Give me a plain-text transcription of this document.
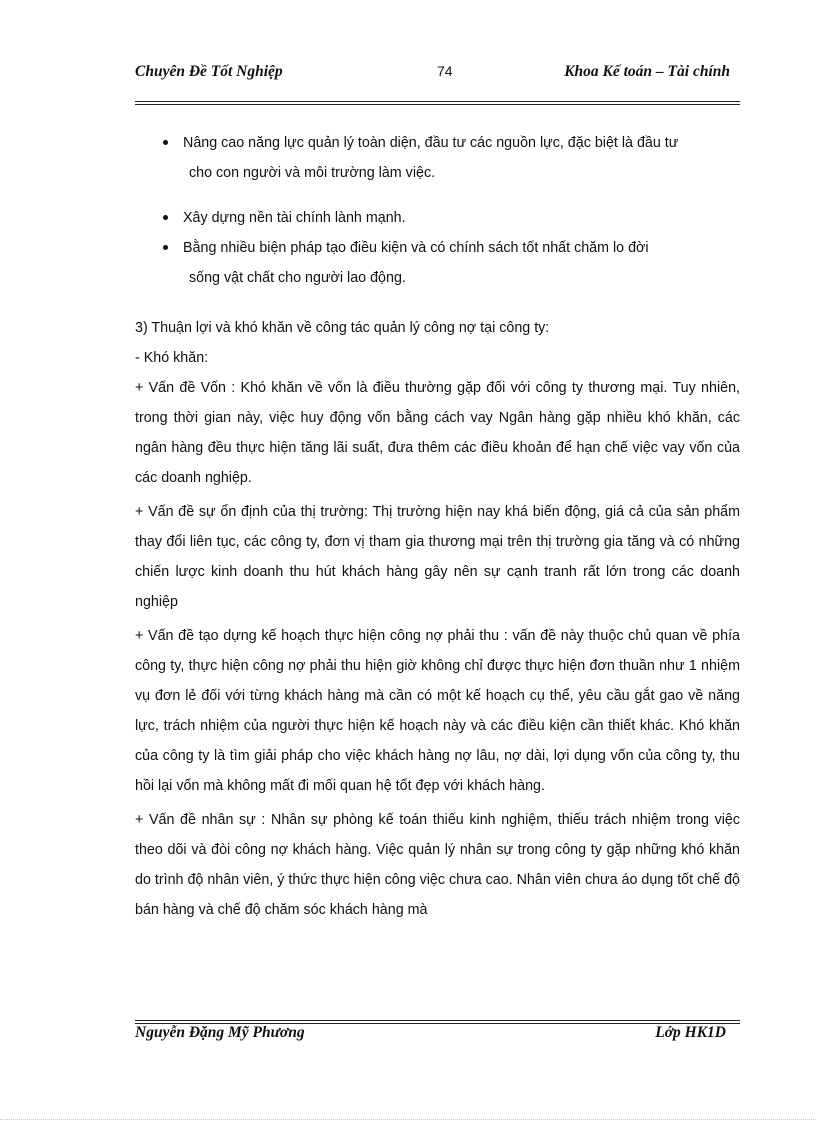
Chuyên Đề Tốt Nghiệp	74	Khoa Kế toán – Tài chính
Nâng cao năng lực quản lý toàn diện, đầu tư các nguồn lực, đặc biệt là đầu tư
cho con người và môi trường làm việc.
Xây dựng nền tài chính lành mạnh.
Bằng nhiều biện pháp tạo điều kiện và có chính sách tốt nhất chăm lo đời
sống vật chất cho người lao động.
3) Thuận lợi và khó khăn về công tác quản lý công nợ tại công ty:
- Khó khăn:

+ Vấn đề Vốn : Khó khăn về vốn là điều thường gặp đối với công ty thương mại. Tuy nhiên, trong thời gian này, việc huy động vốn bằng cách vay Ngân hàng gặp nhiều khó khăn, các ngân hàng đều thực hiện tăng lãi suất, đưa thêm các điều khoản để hạn chế việc vay vốn của các doanh nghiệp.

+ Vấn đề sự ổn định của thị trường: Thị trường hiện nay khá biến động, giá cả của sản phẩm thay đổi liên tục, các công ty, đơn vị tham gia thương mại trên thị trường gia tăng và có những chiến lược kinh doanh thu hút khách hàng gây nên sự cạnh tranh rất lớn trong các doanh nghiệp

+ Vấn đề tạo dựng kế hoạch thực hiện công nợ phải thu : vấn đề này thuộc chủ quan về phía công ty, thực hiện công nợ phải thu hiện giờ không chỉ được thực hiện đơn thuần như 1 nhiệm vụ đơn lẻ đối với từng khách hàng mà cần có một kế hoạch cụ thể, yêu cầu gắt gao về năng lực, trách nhiệm của người thực hiện kế hoạch này và các điều kiện cần thiết khác. Khó khăn của công ty là tìm giải pháp cho việc khách hàng nợ lâu, nợ dài, lợi dụng vốn của công ty, thu hồi lại vốn mà không mất đi mối quan hệ tốt đẹp với khách hàng.

+ Vấn đề nhân sự : Nhân sự phòng kế toán thiếu kinh nghiệm, thiếu trách nhiệm trong việc theo dõi và đòi công nợ khách hàng. Việc quản lý nhân sự trong công ty gặp những khó khăn do trình độ nhân viên, ý thức thực hiện công việc chưa cao. Nhân viên chưa áo dụng tốt chế độ bán hàng và chế độ chăm sóc khách hàng mà

Nguyễn Đặng Mỹ Phương	Lớp HK1D
